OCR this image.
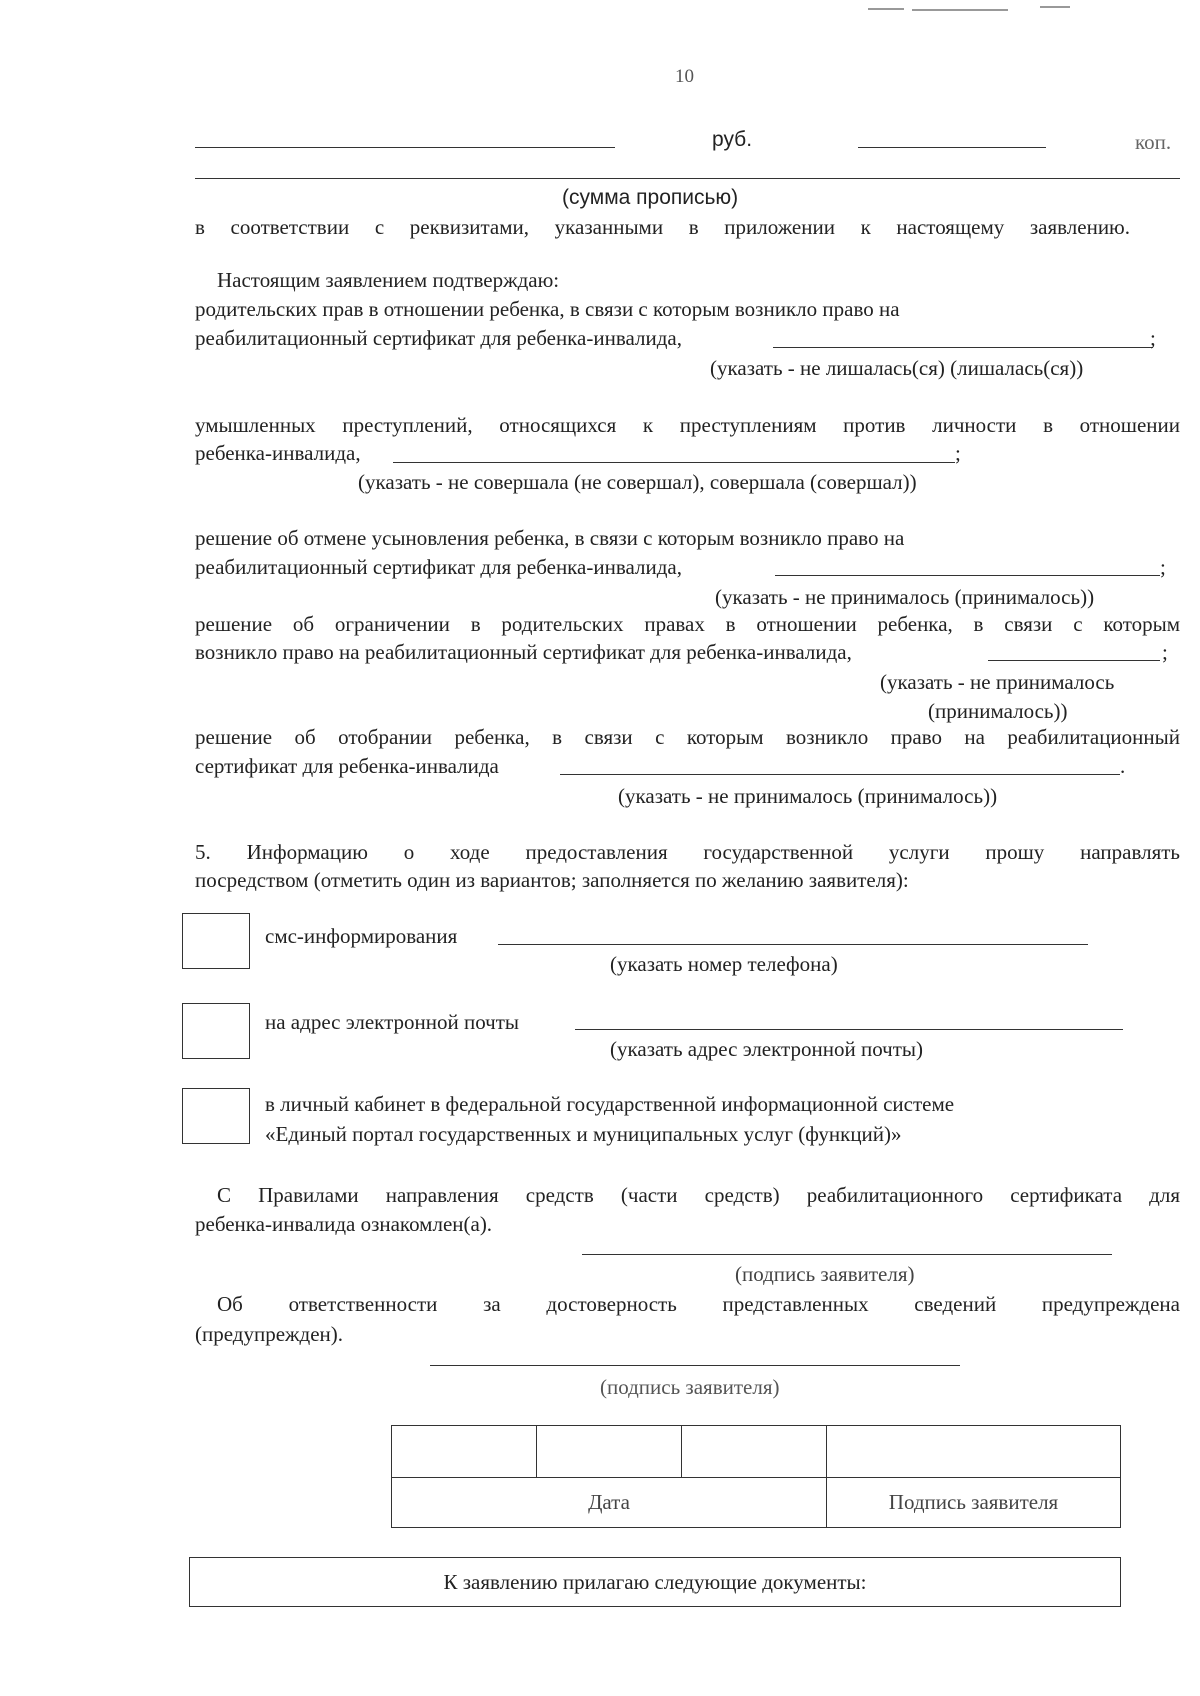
10
руб.	коп.
(сумма прописью)
в соответствии с реквизитами, указанными в приложении к настоящему заявлению.
Настоящим заявлением подтверждаю:
родительских прав в отношении ребенка, в связи с которым возникло право на
реабилитационный сертификат для ребенка-инвалида,	;
(указать - не лишалась(ся) (лишалась(ся))
умышленных преступлений, относящихся к преступлениям против личности в отношении
ребенка-инвалида,	;
(указать - не совершала (не совершал), совершала (совершал))
решение об отмене усыновления ребенка, в связи с которым возникло право на
реабилитационный сертификат для ребенка-инвалида,	;
(указать - не принималось (принималось))
решение об ограничении в родительских правах в отношении ребенка, в связи с которым
возникло право на реабилитационный сертификат для ребенка-инвалида,	;
(указать - не принималось
(принималось))
решение об отобрании ребенка, в связи с которым возникло право на реабилитационный
сертификат для ребенка-инвалида	.
(указать - не принималось (принималось))
5. Информацию о ходе предоставления государственной услуги прошу направлять
посредством (отметить один из вариантов; заполняется по желанию заявителя):
смс-информирования
(указать номер телефона)
на адрес электронной почты
(указать адрес электронной почты)
в личный кабинет в федеральной государственной информационной системе
«Единый портал государственных и муниципальных услуг (функций)»
С Правилами направления средств (части средств) реабилитационного сертификата для
ребенка-инвалида ознакомлен(а).
(подпись заявителя)
Об ответственности за достоверность представленных сведений предупреждена
(предупрежден).
(подпись заявителя)

Дата			Подпись заявителя
К заявлению прилагаю следующие документы:
